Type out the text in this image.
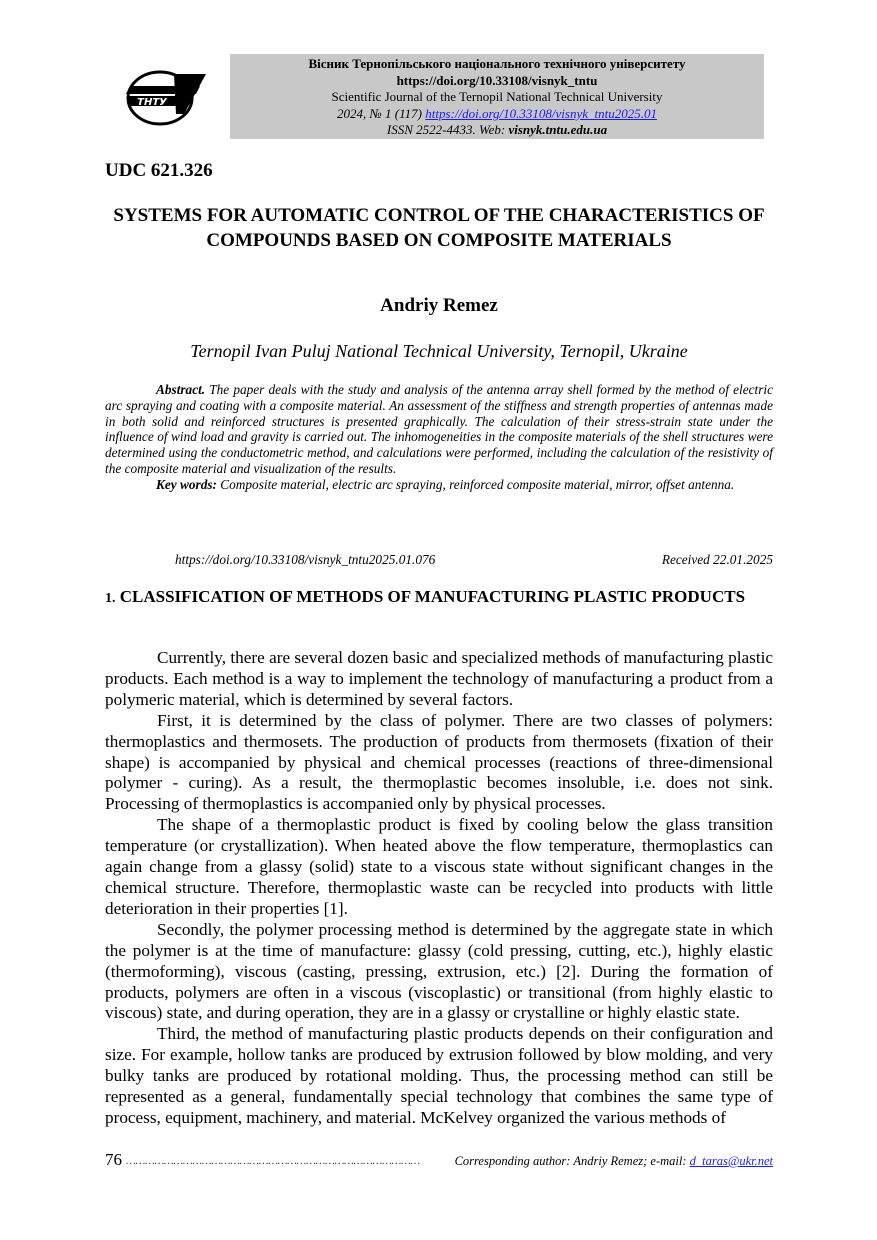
ТНТУ
Вісник Тернопільського національного технічного університету
https://doi.org/10.33108/visnyk_tntu
Scientific Journal of the Ternopil National Technical University
2024, № 1 (117) https://doi.org/10.33108/visnyk_tntu2025.01
ISSN 2522-4433. Web: visnyk.tntu.edu.ua
UDC 621.326
SYSTEMS FOR AUTOMATIC CONTROL OF THE CHARACTERISTICS OF COMPOUNDS BASED ON COMPOSITE MATERIALS
Andriy Remez
Ternopil Ivan Puluj National Technical University, Ternopil, Ukraine

Abstract. The paper deals with the study and analysis of the antenna array shell formed by the method of electric arc spraying and coating with a composite material. An assessment of the stiffness and strength properties of antennas made in both solid and reinforced structures is presented graphically. The calculation of their stress-strain state under the influence of wind load and gravity is carried out. The inhomogeneities in the composite materials of the shell structures were determined using the conductometric method, and calculations were performed, including the calculation of the resistivity of the composite material and visualization of the results.

Key words: Composite material, electric arc spraying, reinforced composite material, mirror, offset antenna.

https://doi.org/10.33108/visnyk_tntu2025.01.076	Received 22.01.2025
1. CLASSIFICATION OF METHODS OF MANUFACTURING PLASTIC PRODUCTS

Currently, there are several dozen basic and specialized methods of manufacturing plastic products. Each method is a way to implement the technology of manufacturing a product from a polymeric material, which is determined by several factors.

First, it is determined by the class of polymer. There are two classes of polymers: thermoplastics and thermosets. The production of products from thermosets (fixation of their shape) is accompanied by physical and chemical processes (reactions of three-dimensional polymer - curing). As a result, the thermoplastic becomes insoluble, i.e. does not sink. Processing of thermoplastics is accompanied only by physical processes.

The shape of a thermoplastic product is fixed by cooling below the glass transition temperature (or crystallization). When heated above the flow temperature, thermoplastics can again change from a glassy (solid) state to a viscous state without significant changes in the chemical structure. Therefore, thermoplastic waste can be recycled into products with little deterioration in their properties [1].

Secondly, the polymer processing method is determined by the aggregate state in which the polymer is at the time of manufacture: glassy (cold pressing, cutting, etc.), highly elastic (thermoforming), viscous (casting, pressing, extrusion, etc.) [2]. During the formation of products, polymers are often in a viscous (viscoplastic) or transitional (from highly elastic to viscous) state, and during operation, they are in a glassy or crystalline or highly elastic state.

Third, the method of manufacturing plastic products depends on their configuration and size. For example, hollow tanks are produced by extrusion followed by blow molding, and very bulky tanks are produced by rotational molding. Thus, the processing method can still be represented as a general, fundamentally special technology that combines the same type of process, equipment, machinery, and material. McKelvey organized the various methods of

76 …………………………………………………………………………………	Corresponding author: Andriy Remez; e-mail: d_taras@ukr.net
